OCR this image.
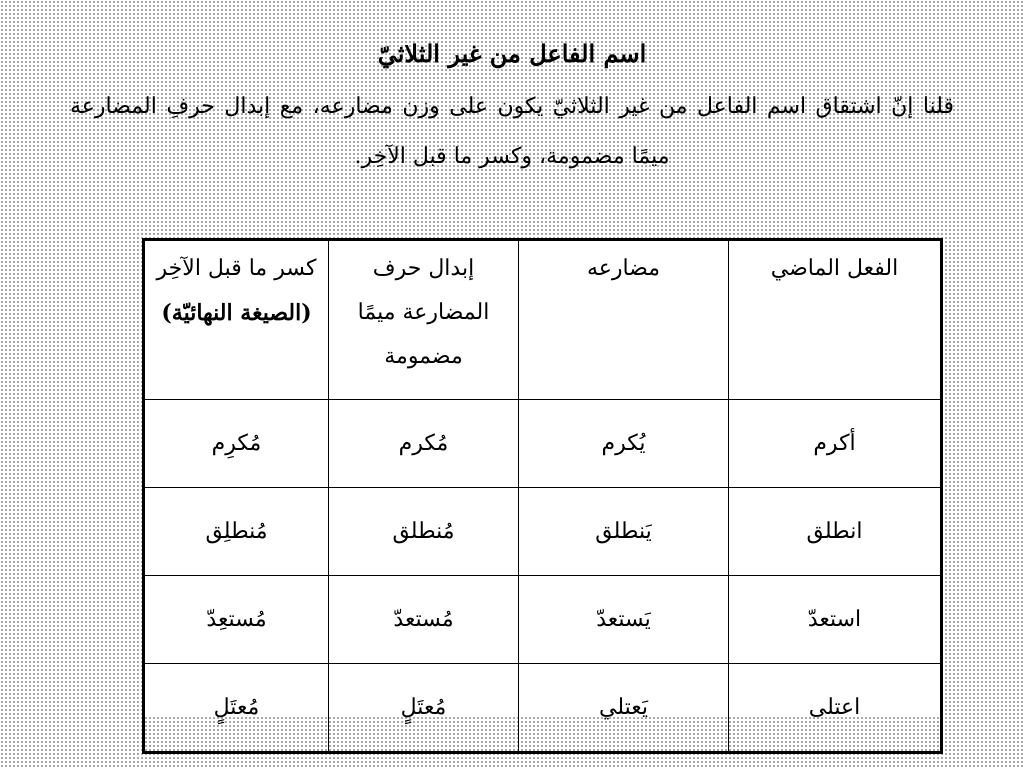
اسم الفاعل من غير الثلاثيّ
قلنا إنّ اشتقاق اسم الفاعل من غير الثلاثيّ يكون على وزن مضارعه، مع إبدال حرفِ المضارعة ميمًا مضمومة، وكسر ما قبل الآخِر.
الفعل الماضي	مضارعه	إبدال حرف المضارعة ميمًا مضمومة	كسر ما قبل الآخِر
(الصيغة النهائيّة)

أكرم	يُكرم	مُكرم	مُكرِم
انطلق	يَنطلق	مُنطلق	مُنطلِق
استعدّ	يَستعدّ	مُستعدّ	مُستعِدّ
اعتلى	يَعتلي	مُعتَلٍ	مُعتَلٍ
